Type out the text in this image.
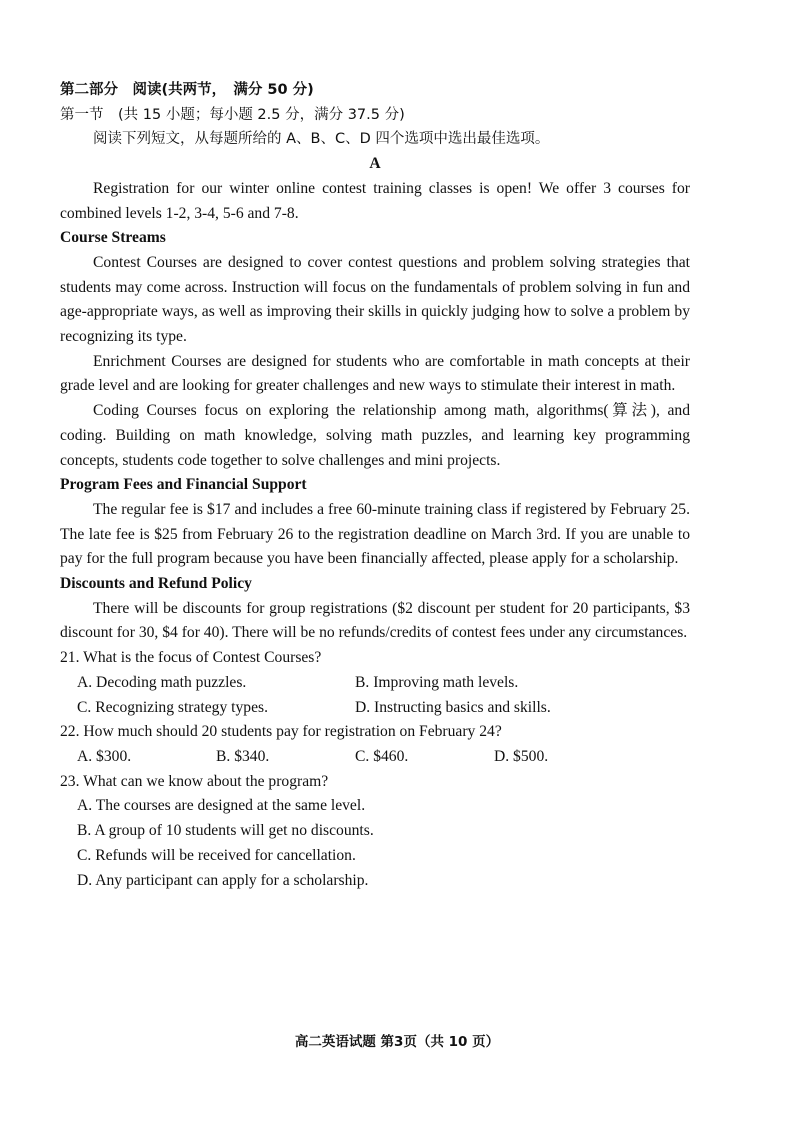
第二部分　阅读(共两节，　满分 50 分)

第一节　(共 15 小题；每小题 2.5 分，满分 37.5 分)

阅读下列短文，从每题所给的 A、B、C、D 四个选项中选出最佳选项。

A

Registration for our winter online contest training classes is open! We offer 3 courses for combined levels 1-2, 3-4, 5-6 and 7-8.

Course Streams

Contest Courses are designed to cover contest questions and problem solving strategies that students may come across. Instruction will focus on the fundamentals of problem solving in fun and age-appropriate ways, as well as improving their skills in quickly judging how to solve a problem by recognizing its type.

Enrichment Courses are designed for students who are comfortable in math concepts at their grade level and are looking for greater challenges and new ways to stimulate their interest in math.

Coding Courses focus on exploring the relationship among math, algorithms(算法), and coding. Building on math knowledge, solving math puzzles, and learning key programming concepts, students code together to solve challenges and mini projects.

Program Fees and Financial Support

The regular fee is $17 and includes a free 60-minute training class if registered by February 25. The late fee is $25 from February 26 to the registration deadline on March 3rd. If you are unable to pay for the full program because you have been financially affected, please apply for a scholarship.

Discounts and Refund Policy

There will be discounts for group registrations ($2 discount per student for 20 participants, $3 discount for 30, $4 for 40). There will be no refunds/credits of contest fees under any circumstances.

21. What is the focus of Contest Courses?

A. Decoding math puzzles.	B. Improving math levels.
C. Recognizing strategy types.	D. Instructing basics and skills.

22. How much should 20 students pay for registration on February 24?

A. $300.	B. $340.	C. $460.	D. $500.

23. What can we know about the program?

A. The courses are designed at the same level.
B. A group of 10 students will get no discounts.
C. Refunds will be received for cancellation.
D. Any participant can apply for a scholarship.
高二英语试题 第3页（共 10 页）
